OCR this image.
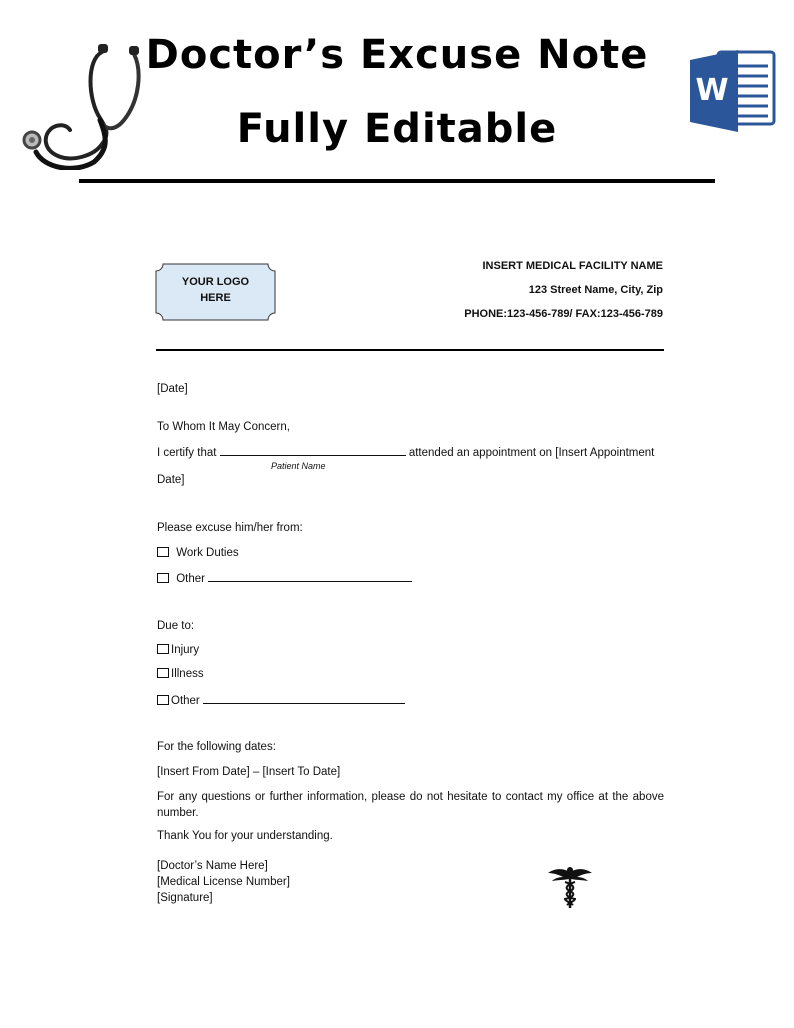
Doctor’s Excuse Note
Fully Editable
W
YOUR LOGO
HERE
INSERT MEDICAL FACILITY NAME
123 Street Name, City, Zip
PHONE:123-456-789/ FAX:123-456-789
[Date]
To Whom It May Concern,
I certify that	attended an appointment on [Insert Appointment
Patient Name
Date]
Please excuse him/her from:
Work Duties
Other
Due to:
Injury
Illness
Other
For the following dates:
[Insert From Date] – [Insert To Date]
For any questions or further information, please do not hesitate to contact my office at the above number.
Thank You for your understanding.
[Doctor’s Name Here]
[Medical License Number]
[Signature]
